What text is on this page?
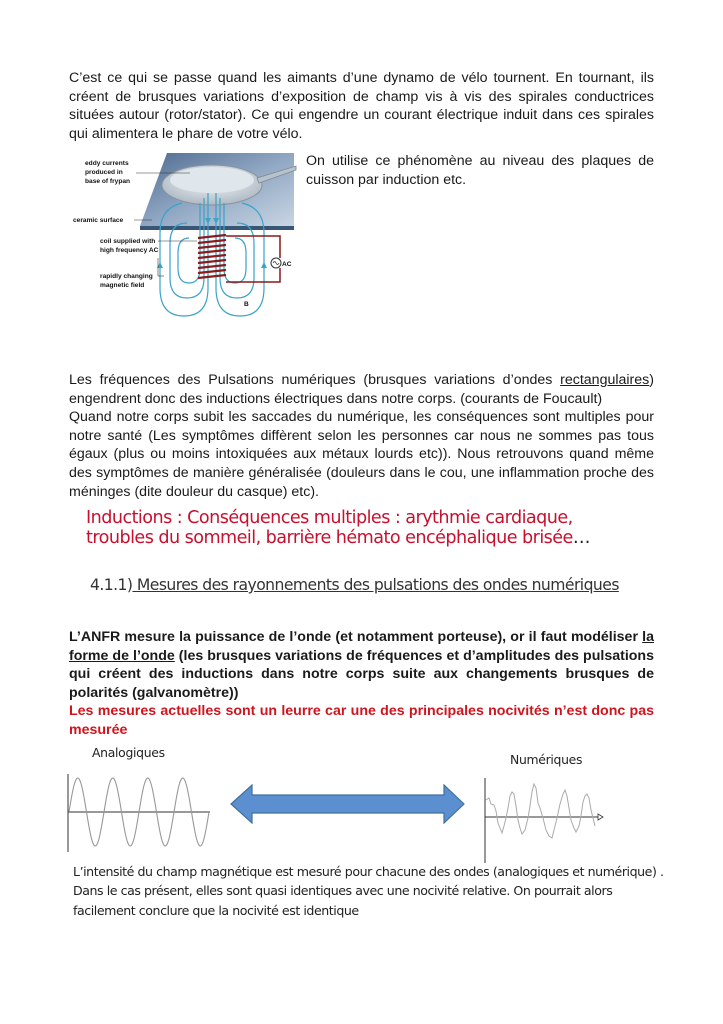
C’est ce qui se passe quand les aimants d’une dynamo de vélo tournent. En tournant, ils créent de brusques variations d’exposition de champ vis à vis des spirales conductrices situées autour (rotor/stator). Ce qui engendre un courant électrique induit dans ces spirales qui alimentera le phare de votre vélo.
eddy currents
produced in
base of frypan
ceramic surface
coil supplied with
high frequency AC
rapidly changing
magnetic field
AC
B
On utilise ce phénomène au niveau des plaques de cuisson par induction etc.
Les fréquences des Pulsations numériques (brusques variations d’ondes rectangulaires) engendrent donc des inductions électriques dans notre corps. (courants de Foucault)
Quand notre corps subit les saccades du numérique, les conséquences sont multiples pour notre santé (Les symptômes diffèrent selon les personnes car nous ne sommes pas tous égaux (plus ou moins intoxiquées aux métaux lourds etc)). Nous retrouvons quand même des symptômes de manière généralisée (douleurs dans le cou, une inflammation proche des méninges (dite douleur du casque) etc).
Inductions : Conséquences multiples : arythmie cardiaque,
troubles du sommeil, barrière hémato encéphalique brisée…
4.1.1) Mesures des rayonnements des pulsations des ondes numériques
L’ANFR mesure la puissance de l’onde (et notamment porteuse), or il faut modéliser la forme de l’onde (les brusques variations de fréquences et d’amplitudes des pulsations qui créent des inductions dans notre corps suite aux changements brusques de polarités (galvanomètre))
Les mesures actuelles sont un leurre car une des principales nocivités n’est donc pas mesurée
Analogiques	Numériques
L’intensité du champ magnétique est mesuré pour chacune des ondes (analogiques et numérique) . Dans le cas présent, elles sont quasi identiques avec une nocivité relative. On pourrait alors facilement conclure que la nocivité est identique
